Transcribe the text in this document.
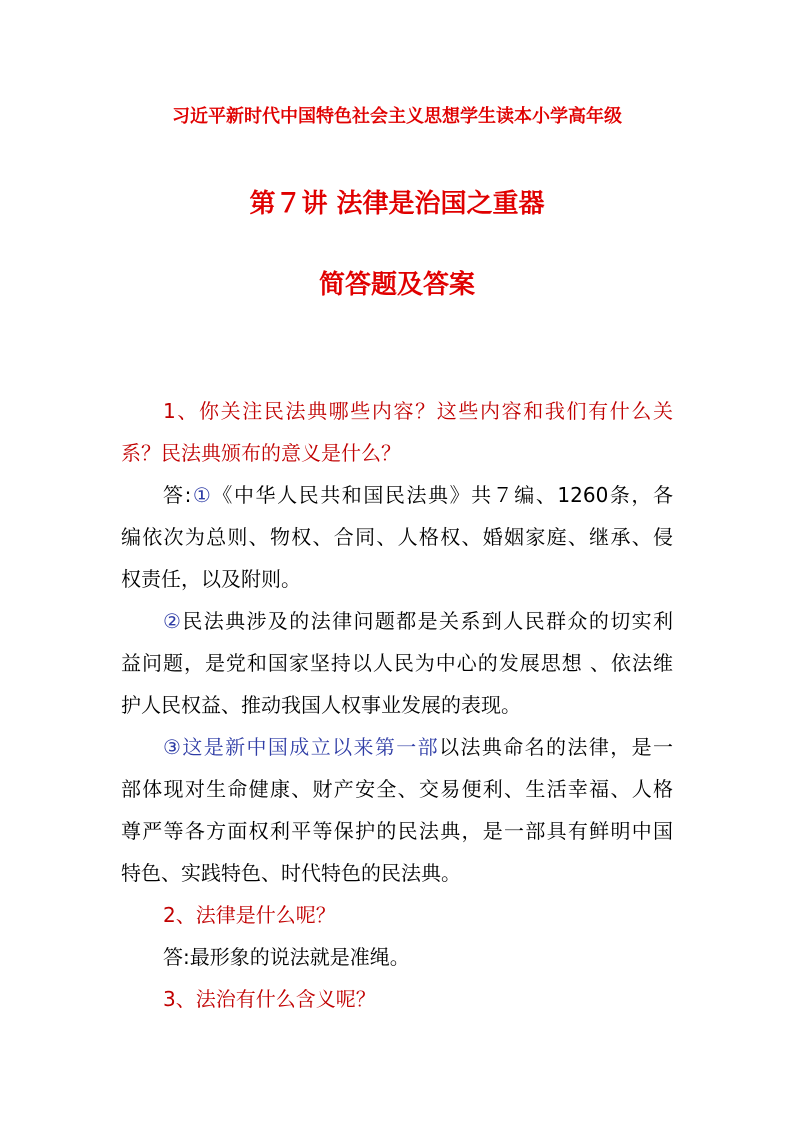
习近平新时代中国特色社会主义思想学生读本小学高年级
第７讲 法律是治国之重器
简答题及答案
1、你关注民法典哪些内容？这些内容和我们有什么关
系？民法典颁布的意义是什么？
答:①《中华人民共和国民法典》共７编、1260条，各
编依次为总则、物权、合同、人格权、婚姻家庭、继承、侵
权责任，以及附则。
②民法典涉及的法律问题都是关系到人民群众的切实利
益问题，是党和国家坚持以人民为中心的发展思想 、依法维
护人民权益、推动我国人权事业发展的表现。
③这是新中国成立以来第一部以法典命名的法律，是一
部体现对生命健康、财产安全、交易便利、生活幸福、人格
尊严等各方面权利平等保护的民法典，是一部具有鲜明中国
特色、实践特色、时代特色的民法典。
2、法律是什么呢？
答:最形象的说法就是准绳。
3、法治有什么含义呢？
